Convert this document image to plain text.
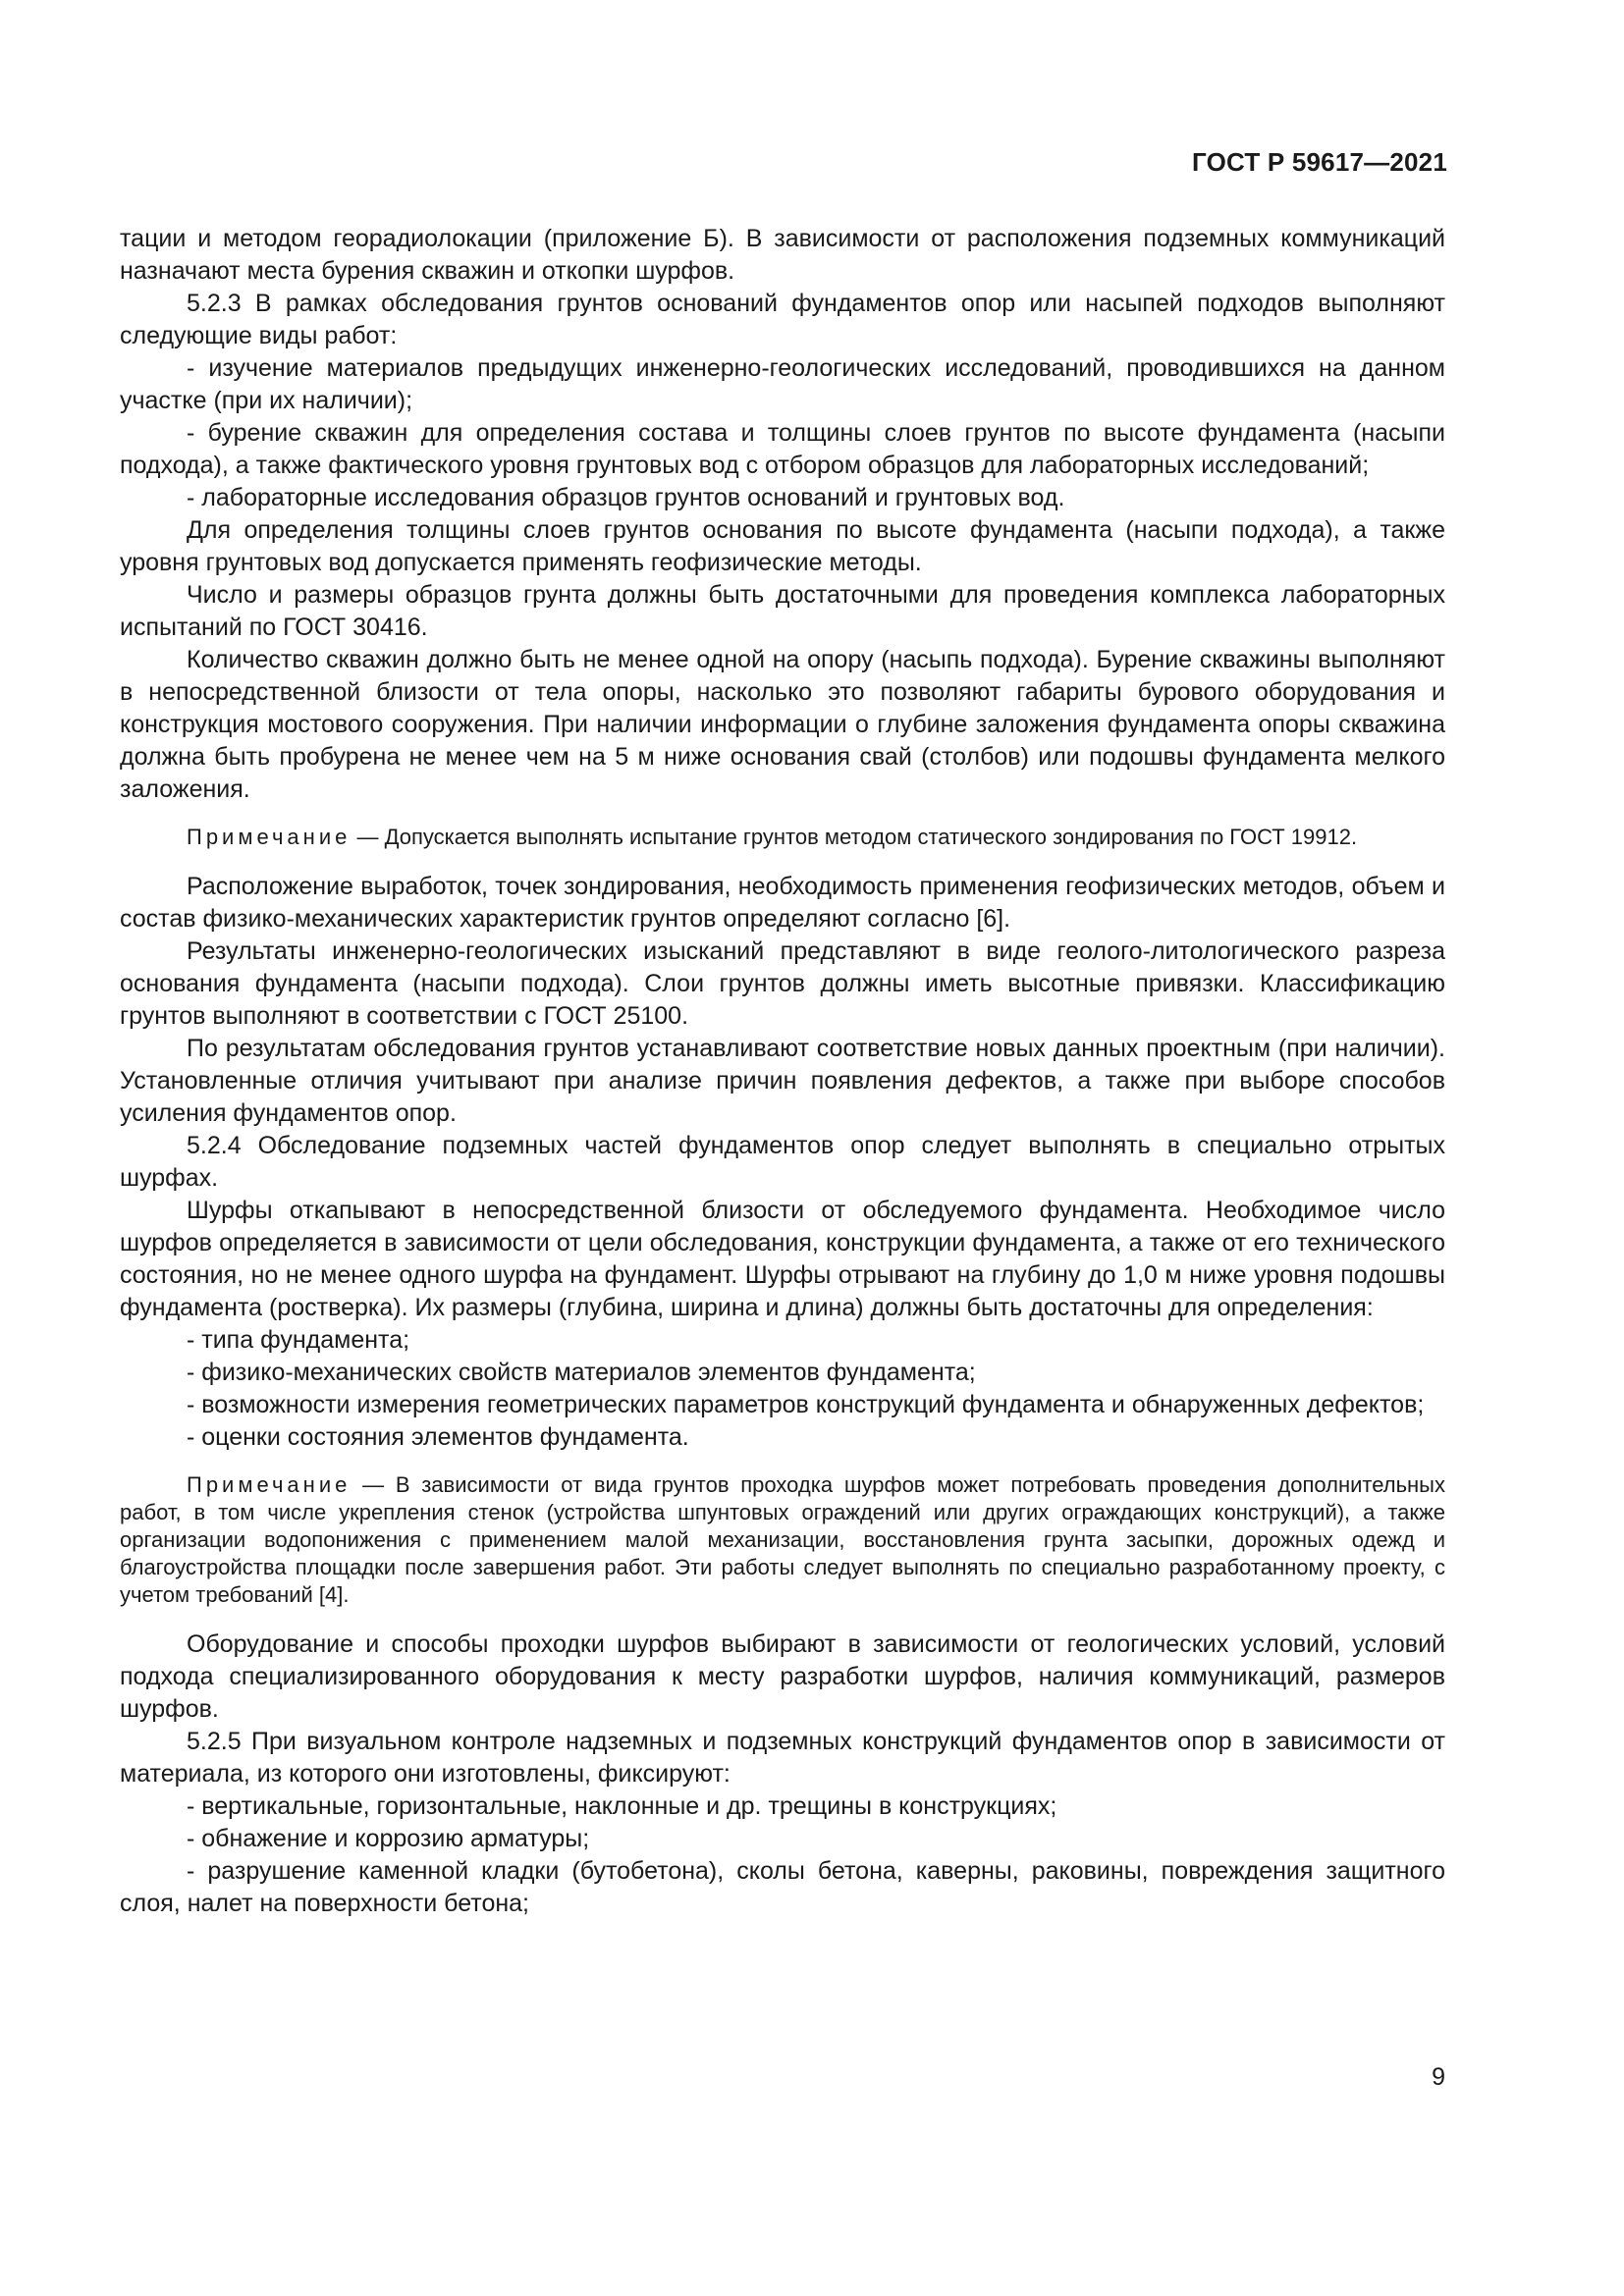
ГОСТ Р 59617—2021

тации и методом георадиолокации (приложение Б). В зависимости от расположения подземных коммуникаций назначают места бурения скважин и откопки шурфов.

5.2.3 В рамках обследования грунтов оснований фундаментов опор или насыпей подходов выполняют следующие виды работ:

- изучение материалов предыдущих инженерно-геологических исследований, проводившихся на данном участке (при их наличии);

- бурение скважин для определения состава и толщины слоев грунтов по высоте фундамента (насыпи подхода), а также фактического уровня грунтовых вод с отбором образцов для лабораторных исследований;

- лабораторные исследования образцов грунтов оснований и грунтовых вод.

Для определения толщины слоев грунтов основания по высоте фундамента (насыпи подхода), а также уровня грунтовых вод допускается применять геофизические методы.

Число и размеры образцов грунта должны быть достаточными для проведения комплекса лабораторных испытаний по ГОСТ 30416.

Количество скважин должно быть не менее одной на опору (насыпь подхода). Бурение скважины выполняют в непосредственной близости от тела опоры, насколько это позволяют габариты бурового оборудования и конструкция мостового сооружения. При наличии информации о глубине заложения фундамента опоры скважина должна быть пробурена не менее чем на 5 м ниже основания свай (столбов) или подошвы фундамента мелкого заложения.

Примечание — Допускается выполнять испытание грунтов методом статического зондирования по ГОСТ 19912.

Расположение выработок, точек зондирования, необходимость применения геофизических методов, объем и состав физико-механических характеристик грунтов определяют согласно [6].

Результаты инженерно-геологических изысканий представляют в виде геолого-литологического разреза основания фундамента (насыпи подхода). Слои грунтов должны иметь высотные привязки. Классификацию грунтов выполняют в соответствии с ГОСТ 25100.

По результатам обследования грунтов устанавливают соответствие новых данных проектным (при наличии). Установленные отличия учитывают при анализе причин появления дефектов, а также при выборе способов усиления фундаментов опор.

5.2.4 Обследование подземных частей фундаментов опор следует выполнять в специально отрытых шурфах.

Шурфы откапывают в непосредственной близости от обследуемого фундамента. Необходимое число шурфов определяется в зависимости от цели обследования, конструкции фундамента, а также от его технического состояния, но не менее одного шурфа на фундамент. Шурфы отрывают на глубину до 1,0 м ниже уровня подошвы фундамента (ростверка). Их размеры (глубина, ширина и длина) должны быть достаточны для определения:

- типа фундамента;

- физико-механических свойств материалов элементов фундамента;

- возможности измерения геометрических параметров конструкций фундамента и обнаруженных дефектов;

- оценки состояния элементов фундамента.

Примечание — В зависимости от вида грунтов проходка шурфов может потребовать проведения дополнительных работ, в том числе укрепления стенок (устройства шпунтовых ограждений или других ограждающих конструкций), а также организации водопонижения с применением малой механизации, восстановления грунта засыпки, дорожных одежд и благоустройства площадки после завершения работ. Эти работы следует выполнять по специально разработанному проекту, с учетом требований [4].

Оборудование и способы проходки шурфов выбирают в зависимости от геологических условий, условий подхода специализированного оборудования к месту разработки шурфов, наличия коммуникаций, размеров шурфов.

5.2.5 При визуальном контроле надземных и подземных конструкций фундаментов опор в зависимости от материала, из которого они изготовлены, фиксируют:

- вертикальные, горизонтальные, наклонные и др. трещины в конструкциях;

- обнажение и коррозию арматуры;

- разрушение каменной кладки (бутобетона), сколы бетона, каверны, раковины, повреждения защитного слоя, налет на поверхности бетона;

9
